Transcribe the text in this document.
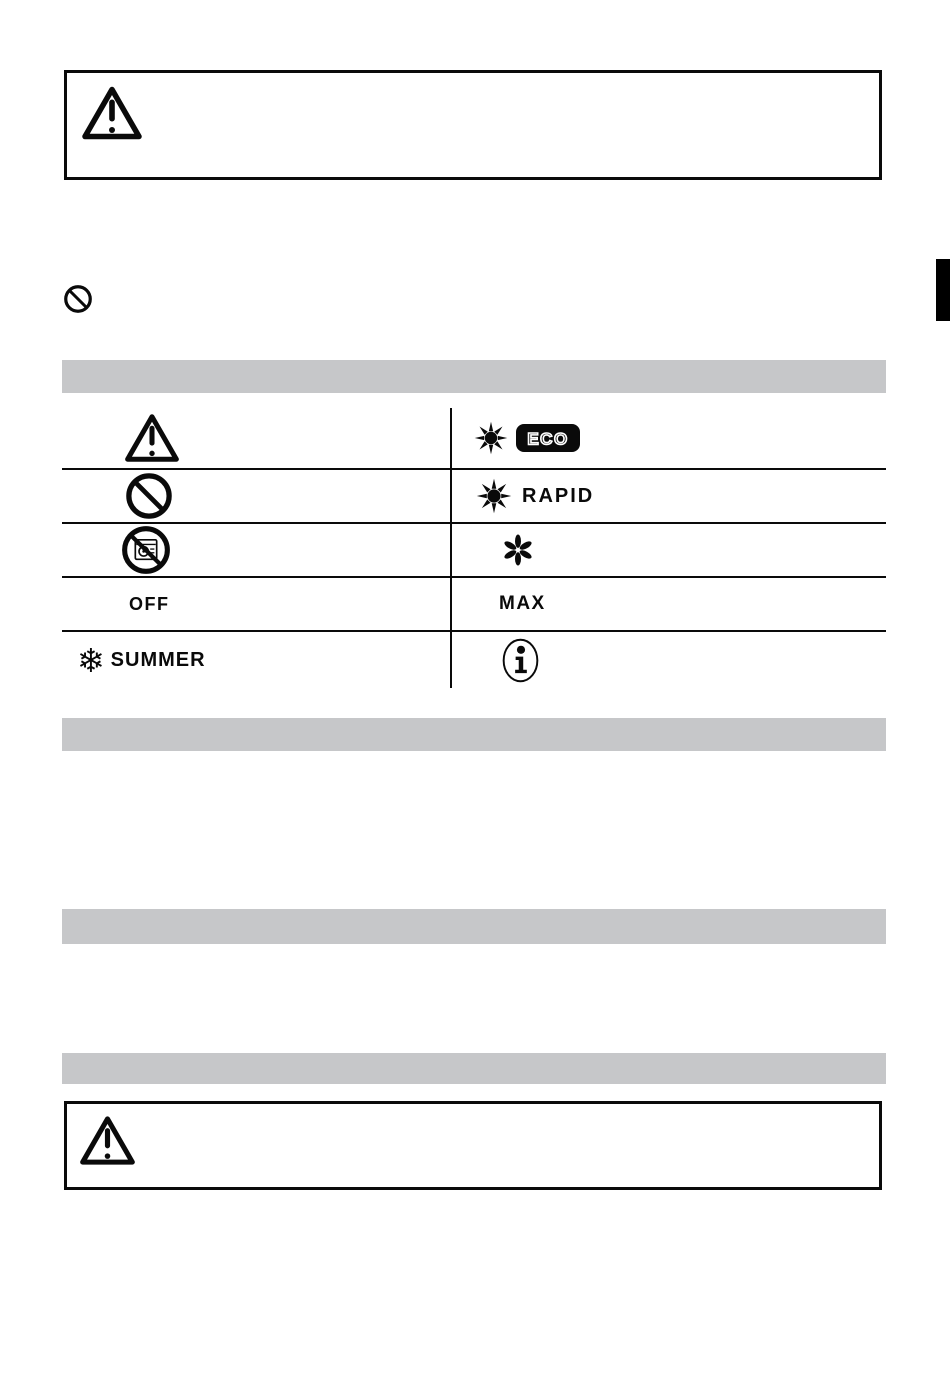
ECO
RAPID
OFF	MAX
❄ SUMMER
